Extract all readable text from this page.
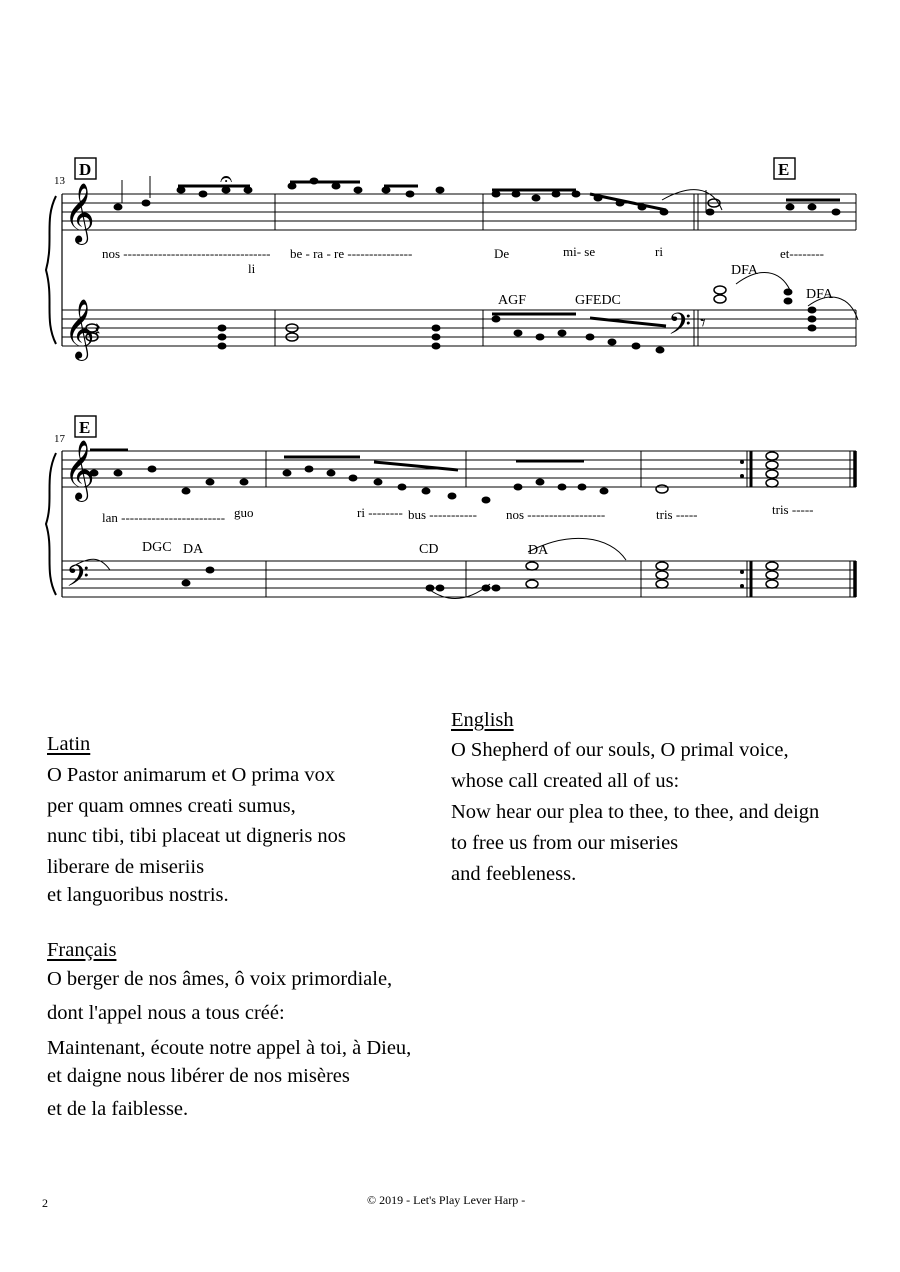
𝄞
𝄞
𝄞
𝄢
𝄢
𝄐
𝄾
𝄽
D	E
E
13
17
nos ----------------------------------
li
be - ra - re ---------------	De	mi- se	ri	et--------
AGF	GFEDC
DFA
DFA
lan ------------------------ guo	ri -------- bus ----------- nos ------------------	tris -----	tris -----
DGC DA	CD	DA
Latin
O Pastor animarum et O prima vox
per quam omnes creati sumus,
nunc tibi, tibi placeat ut digneris nos
liberare de miseriis
et languoribus nostris.
Français
O berger de nos âmes, ô voix primordiale,
dont l'appel nous a tous créé:
Maintenant, écoute notre appel à toi, à Dieu,
et daigne nous libérer de nos misères
et de la faiblesse.
English
O Shepherd of our souls, O primal voice,
whose call created all of us:
Now hear our plea to thee, to thee, and deign
to free us from our miseries
and feebleness.
2	© 2019 - Let's Play Lever Harp -
